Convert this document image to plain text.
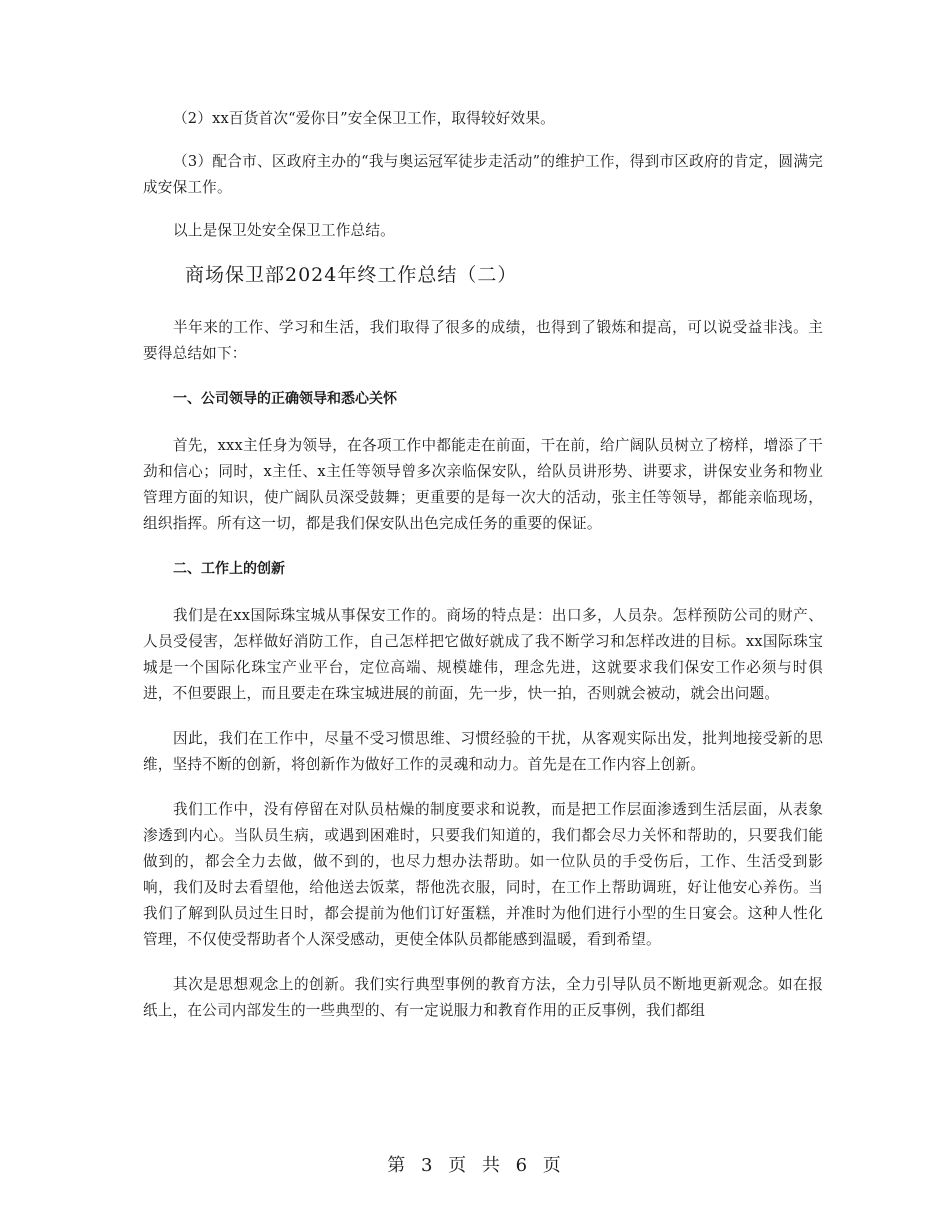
（2）xx百货首次“爱你日”安全保卫工作，取得较好效果。

（3）配合市、区政府主办的“我与奥运冠军徒步走活动”的维护工作，得到市区政府的肯定，圆满完成安保工作。

以上是保卫处安全保卫工作总结。

商场保卫部2024年终工作总结（二）

半年来的工作、学习和生活，我们取得了很多的成绩，也得到了锻炼和提高，可以说受益非浅。主要得总结如下：

一、公司领导的正确领导和悉心关怀

首先，xxx主任身为领导，在各项工作中都能走在前面，干在前，给广阔队员树立了榜样，增添了干劲和信心；同时，x主任、x主任等领导曾多次亲临保安队，给队员讲形势、讲要求，讲保安业务和物业管理方面的知识，使广阔队员深受鼓舞；更重要的是每一次大的活动，张主任等领导，都能亲临现场，组织指挥。所有这一切，都是我们保安队出色完成任务的重要的保证。

二、工作上的创新

我们是在xx国际珠宝城从事保安工作的。商场的特点是：出口多，人员杂。怎样预防公司的财产、人员受侵害，怎样做好消防工作，自己怎样把它做好就成了我不断学习和怎样改进的目标。xx国际珠宝城是一个国际化珠宝产业平台，定位高端、规模雄伟，理念先进，这就要求我们保安工作必须与时俱进，不但要跟上，而且要走在珠宝城进展的前面，先一步，快一拍，否则就会被动，就会出问题。

因此，我们在工作中，尽量不受习惯思维、习惯经验的干扰，从客观实际出发，批判地接受新的思维，坚持不断的创新，将创新作为做好工作的灵魂和动力。首先是在工作内容上创新。

我们工作中，没有停留在对队员枯燥的制度要求和说教，而是把工作层面渗透到生活层面，从表象渗透到内心。当队员生病，或遇到困难时，只要我们知道的，我们都会尽力关怀和帮助的，只要我们能做到的，都会全力去做，做不到的，也尽力想办法帮助。如一位队员的手受伤后，工作、生活受到影响，我们及时去看望他，给他送去饭菜，帮他洗衣服，同时，在工作上帮助调班，好让他安心养伤。当我们了解到队员过生日时，都会提前为他们订好蛋糕，并准时为他们进行小型的生日宴会。这种人性化管理，不仅使受帮助者个人深受感动，更使全体队员都能感到温暖，看到希望。

其次是思想观念上的创新。我们实行典型事例的教育方法，全力引导队员不断地更新观念。如在报纸上，在公司内部发生的一些典型的、有一定说服力和教育作用的正反事例，我们都组

第 3 页 共 6 页
